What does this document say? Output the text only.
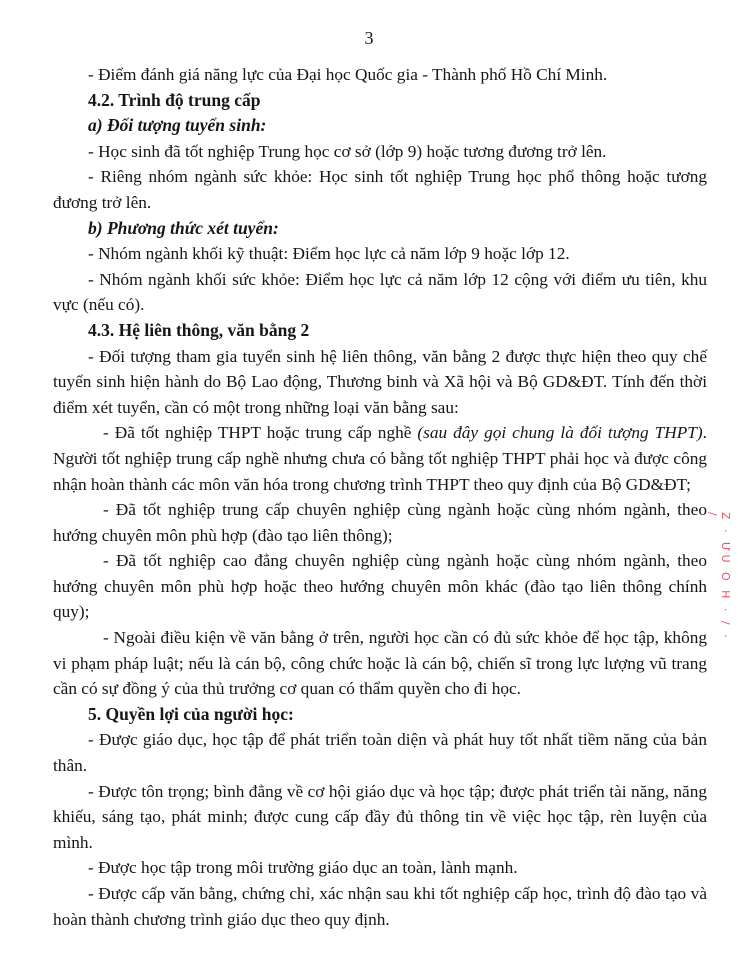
3

- Điểm đánh giá năng lực của Đại học Quốc gia - Thành phố Hồ Chí Minh.

4.2. Trình độ trung cấp

a) Đối tượng tuyển sinh:

- Học sinh đã tốt nghiệp Trung học cơ sở (lớp 9) hoặc tương đương trở lên.

- Riêng nhóm ngành sức khỏe: Học sinh tốt nghiệp Trung học phổ thông hoặc tương đương trở lên.

b) Phương thức xét tuyển:

- Nhóm ngành khối kỹ thuật: Điểm học lực cả năm lớp 9 hoặc lớp 12.

- Nhóm ngành khối sức khỏe: Điểm học lực cả năm lớp 12 cộng với điểm ưu tiên, khu vực (nếu có).

4.3. Hệ liên thông, văn bằng 2

- Đối tượng tham gia tuyển sinh hệ liên thông, văn bằng 2 được thực hiện theo quy chế tuyển sinh hiện hành do Bộ Lao động, Thương binh và Xã hội và Bộ GD&ĐT. Tính đến thời điểm xét tuyển, cần có một trong những loại văn bằng sau:

- Đã tốt nghiệp THPT hoặc trung cấp nghề (sau đây gọi chung là đối tượng THPT). Người tốt nghiệp trung cấp nghề nhưng chưa có bằng tốt nghiệp THPT phải học và được công nhận hoàn thành các môn văn hóa trong chương trình THPT theo quy định của Bộ GD&ĐT;

- Đã tốt nghiệp trung cấp chuyên nghiệp cùng ngành hoặc cùng nhóm ngành, theo hướng chuyên môn phù hợp (đào tạo liên thông);

- Đã tốt nghiệp cao đẳng chuyên nghiệp cùng ngành hoặc cùng nhóm ngành, theo hướng chuyên môn phù hợp hoặc theo hướng chuyên môn khác (đào tạo liên thông chính quy);

- Ngoài điều kiện về văn bằng ở trên, người học cần có đủ sức khỏe để học tập, không vi phạm pháp luật; nếu là cán bộ, công chức hoặc là cán bộ, chiến sĩ trong lực lượng vũ trang cần có sự đồng ý của thủ trưởng cơ quan có thẩm quyền cho đi học.

5. Quyền lợi của người học:

- Được giáo dục, học tập để phát triển toàn diện và phát huy tốt nhất tiềm năng của bản thân.

- Được tôn trọng; bình đẳng về cơ hội giáo dục và học tập; được phát triển tài năng, năng khiếu, sáng tạo, phát minh; được cung cấp đầy đủ thông tin về việc học tập, rèn luyện của mình.

- Được học tập trong môi trường giáo dục an toàn, lành mạnh.

- Được cấp văn bằng, chứng chỉ, xác nhận sau khi tốt nghiệp cấp học, trình độ đào tạo và hoàn thành chương trình giáo dục theo quy định.

Z · ƯU O H · / · /
